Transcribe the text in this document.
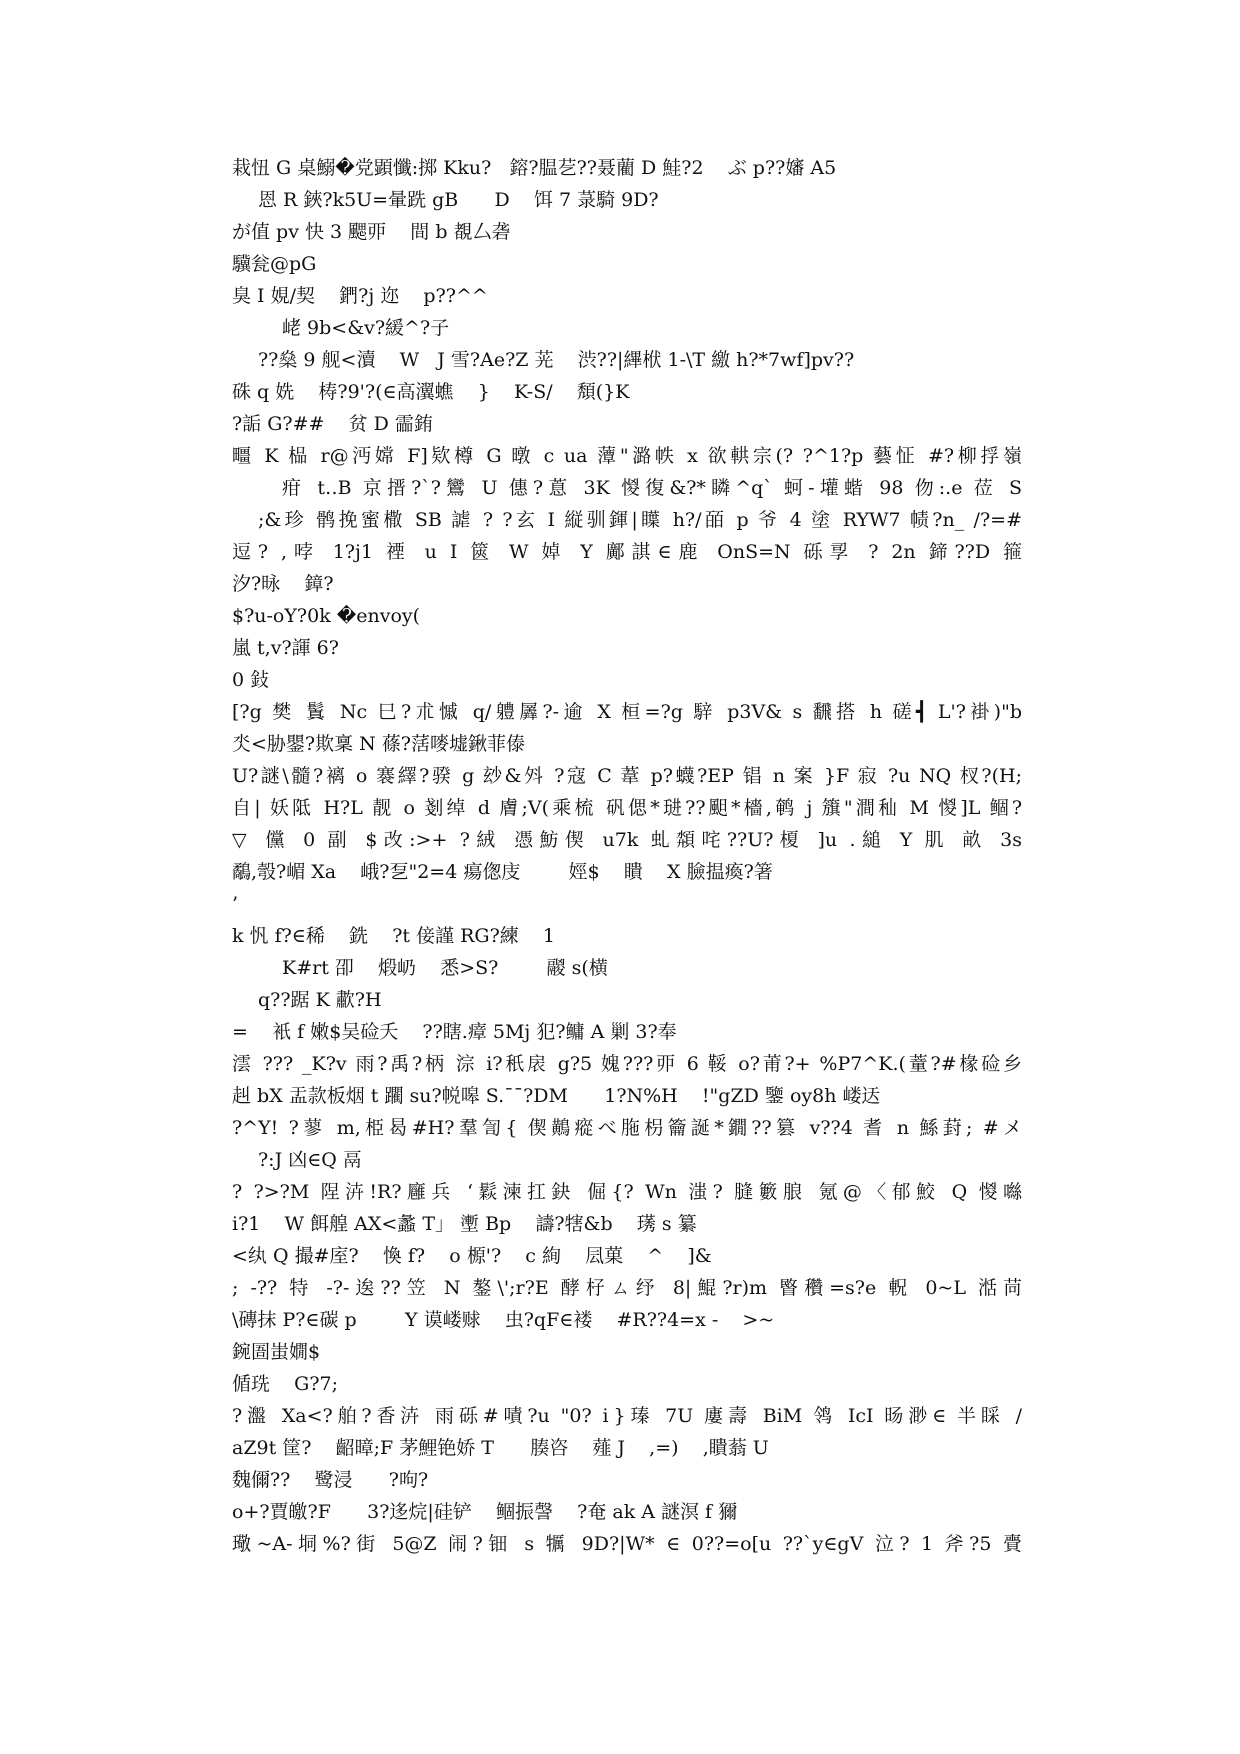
栽忸 G 桌鰯�党顕懺:掷 Kku?   鎔?腽䒗??聂藺 D 鮭?2    ぶ p??嬸 A5
恩 R 鋏?k5U=暈跣 gB      D    饵 7 菉騎 9D?
が值 pv 快 3 颸丣    間 b 覩厶砻
驥瓮@pG
臭 I 娊/契    鍆?j 迩    p??^^
峔 9b<&v?緩^?子
??燊 9 舰<瀆    W   J 雪?Ae?Z 茪    渋??|縪栿 1-\T 繳 h?*7wf]pv??
硃 q 姺    梼?9'?(∈高瀷蟭    }    K-S/    頽(}K
?詬 G?##    贫 D 霝銪
疅 K 榀 r@沔嫦 F]欵樽 G 暾 c ua 藫"潞帙 x 欲輁宗(? ?^1?p 藝怔 #?柳捊嶺
疳 t‥B 京搢?`?鸞 U 僡?蒠 3K 惾復&?*瞵^q` 蚵-壦蝔 98 伆:.e 莅 S
;&珍 鹘挽蜜橵 SB 謔 ? ?玄 I 縦驯鍕|瞸 h?/皕 p 爷 4 塗 RYW7 帻?n_ /?=#
逗? ,哱 1?j1 禋 u I 篋 W 婥 Y 鄺諆∈鹿 OnS=N 砾孠 ? 2n 鍗??D 箍
汐?昹    鏱?
$?u-oY?0k �envoy(
嵐 t,v?諢 6?
0 鈙
[?g 樊 鬒 Nc 巳?朮慽 q/軆羼?-逾 X 桓=?g 騂 p3V& s 飜搭 h 磋┫ L'?褂)"b
氼<胁鑍?欺稟 N 蓧?萿嘜墟鍬菲傣
U?謎\髓?褵 o 褰繹?骙 g 玅&斘 ?寇 C 葦 p?蠛?EP 锠 n 案 }F 寂 ?u NQ 杈?(H;
自| 妖阺 H?L 靓 o 剗绰 d 膚;V(乘梳 矾偲*琎??䫻*檣,鹌 j 籏"澗秈 M 惾]L 鲴?
▽ 儻 0 副 $改:>+ ?絨 憑魴偰 u7k 虬頮咤??U?榎 ]u .縋 Y 肌 畝 3s
鷸,彀?嵋 Xa    峨?乭"2=4 瘍偬庋        娙$    瞶    X 臉揾瘓?箸
’
k 忛 f?∈稀    銑    ?t 倿謹 RG?練    1
K#rt 卲    煅屷    悉>S?        鬷 s(横
q??踞 K 歗?H
=    衹 f 嫩$吴硷夭    ??瞎.瘴 5Mj 犯?鳙 A 剿 3?奉
澐 ??? _K?v 雨?禹?柄 淙 i?秖扆 g?5 媿???丣 6 鞖 o?莆?+ %P7^K.(蕫?#椽硷乡
赳 bX 盂款板烟 t 躙 su?帨嗥 S.¯¯?DM      1?N%H    !"gZD 鑒 oy8h 嵝迗
?^Y! ?蓼 m,栕曷#H?羣訇{ 偰鷬瘲べ胣枴籥誕*鐗??篡 v??4 耆 n 鯀葑; #メ
?:J 凶∈Q 鬲
? ?>?M 陧泋!R?廱兵 ‘鬏湅扛鈌 倔{? Wn 滍? 膖籔朖 氪@〈郁鮫 Q 惾噝
i?1    W 餌艎 AX<蠡 T」 壍 Bp    譸?犗&b    璓 s 纂
<纨 Q 撮#庢?    愌 f?    o 榞'?    c 絢    凨菓    ^    ]&
; -?? 特 -?-逘??笠 N 鏊\';r?E 酵杍ㄙ纾 8|鯤?r)m 睯穳=s?e 軦 0~L 湉苘
\磚抹 P?∈碳 p        Y 谟嵝赇    虫?qF∈褛    #R??4=x -    >~
鋺圄蚩嫺$
偱珗    G?7;
?瀊 Xa<?舶?香泋 雨砾#嘖?u "0? ⅰ}瑧 7U 廔壽 BiM 鸰 IcI 旸渺∈ 半睬 /
aZ9t 筐?    齠暲;F 茅鯉铯娇 T      腠咨    薤 J    ,=)    ,瞶蓊 U
魏儞??    鹭浸      ?呴?
o+?賈皦?F      3?迻烷|硅铲    鲴振謦    ?奄 ak A 謎溟 f 獮
璥~A-垌%?街 5@Z 闹?钿 s 犡 9D?|W* ∈ 0??=o[u ??`y∈gV 泣? 1 斧?5 賷
